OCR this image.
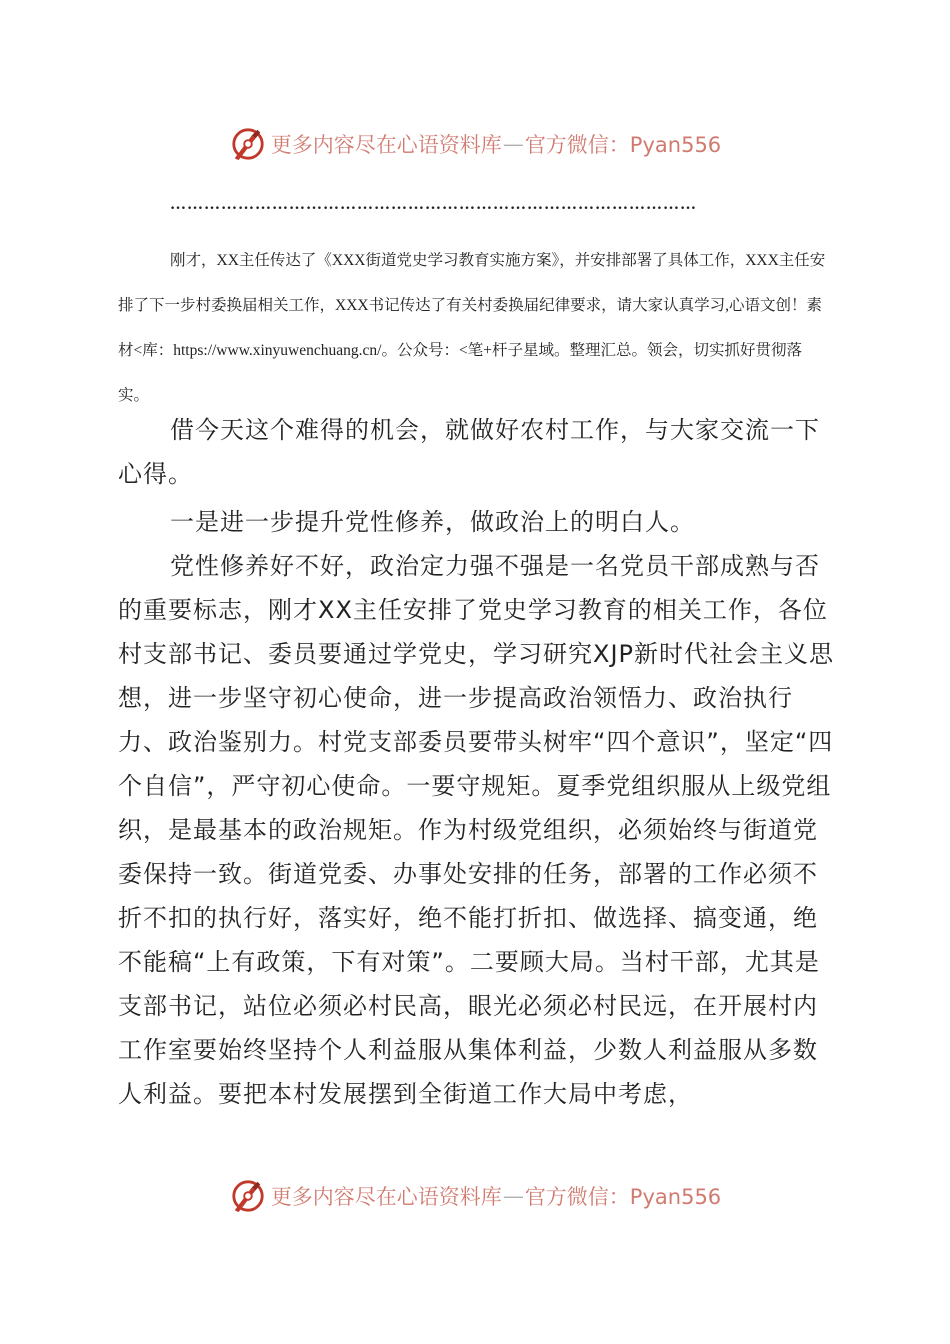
更多内容尽在心语资料库 — 官方微信：Pyan556
…………………………………………………………………………………

刚才，XX主任传达了《XXX街道党史学习教育实施方案》，并安排部署了具体工作，XXX主任安排了下一步村委换届相关工作，XXX书记传达了有关村委换届纪律要求，请大家认真学习,心语文创！素材<库：https://www.xinyuwenchuang.cn/。公众号：<笔+杆子星域。整理汇总。领会，切实抓好贯彻落实。

借今天这个难得的机会，就做好农村工作，与大家交流一下心得。

一是进一步提升党性修养，做政治上的明白人。

党性修养好不好，政治定力强不强是一名党员干部成熟与否的重要标志，刚才XX主任安排了党史学习教育的相关工作，各位村支部书记、委员要通过学党史，学习研究XJP新时代社会主义思想，进一步坚守初心使命，进一步提高政治领悟力、政治执行力、政治鉴别力。村党支部委员要带头树牢“四个意识”，坚定“四个自信”，严守初心使命。一要守规矩。夏季党组织服从上级党组织，是最基本的政治规矩。作为村级党组织，必须始终与街道党委保持一致。街道党委、办事处安排的任务，部署的工作必须不折不扣的执行好，落实好，绝不能打折扣、做选择、搞变通，绝不能稿“上有政策，下有对策”。二要顾大局。当村干部，尤其是支部书记，站位必须必村民高，眼光必须必村民远，在开展村内工作室要始终坚持个人利益服从集体利益，少数人利益服从多数人利益。要把本村发展摆到全街道工作大局中考虑，

更多内容尽在心语资料库 — 官方微信：Pyan556
